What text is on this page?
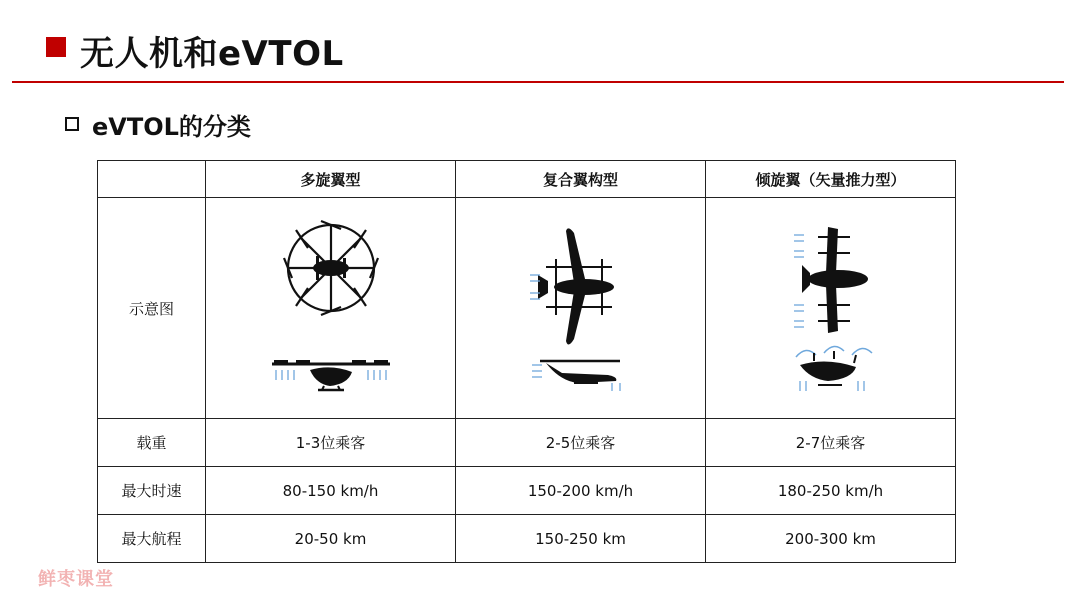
无人机和eVTOL
eVTOL的分类
	多旋翼型	复合翼构型	倾旋翼（矢量推力型）
示意图	

载重	1-3位乘客	2-5位乘客	2-7位乘客
最大时速	80-150 km/h	150-200 km/h	180-250 km/h
最大航程	20-50 km	150-250 km	200-300 km
鲜枣课堂
